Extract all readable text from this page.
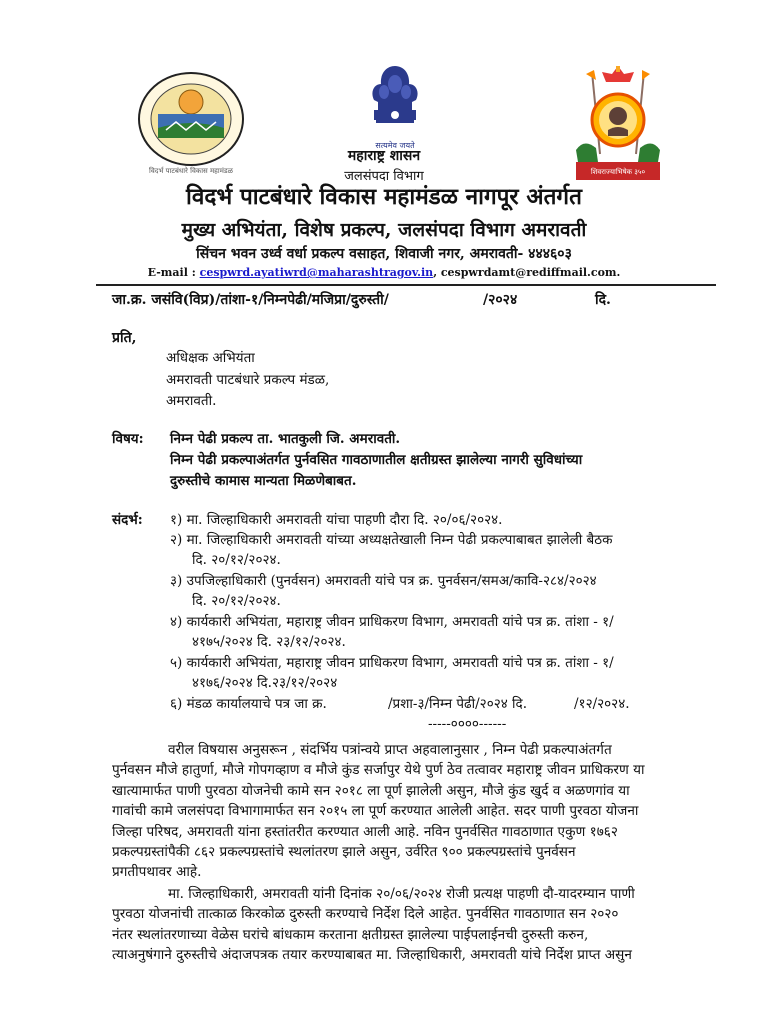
विदर्भ पाटबंधारे विकास महामंडळ
सत्यमेव जयते
शिवराज्याभिषेक ३५०
महाराष्ट्र शासन
जलसंपदा विभाग
विदर्भ पाटबंधारे विकास महामंडळ नागपूर अंतर्गत
मुख्य अभियंता, विशेष प्रकल्प, जलसंपदा विभाग अमरावती
सिंचन भवन उर्ध्व वर्धा प्रकल्प वसाहत, शिवाजी नगर, अमरावती- ४४४६०३
E-mail : cespwrd.ayatiwrd@maharashtragov.in, cespwrdamt@rediffmail.com.
जा.क्र. जसंवि(विप्र)/तांशा-१/निम्नपेढी/मजिप्रा/दुरुस्ती/	/२०२४	दि.
प्रति,
अधिक्षक अभियंता
अमरावती पाटबंधारे प्रकल्प मंडळ,
अमरावती.
विषय: निम्न पेढी प्रकल्प ता. भातकुली जि. अमरावती.
निम्न पेढी प्रकल्पाअंतर्गत पुर्नवसित गावठाणातील क्षतीग्रस्त झालेल्या नागरी सुविधांच्या
दुरुस्तीचे कामास मान्यता मिळणेबाबत.
संदर्भ: १) मा. जिल्हाधिकारी अमरावती यांचा पाहणी दौरा दि. २०/०६/२०२४.
२) मा. जिल्हाधिकारी अमरावती यांच्या अध्यक्षतेखाली निम्न पेढी प्रकल्पाबाबत झालेली बैठक
दि. २०/१२/२०२४.
३) उपजिल्हाधिकारी (पुनर्वसन) अमरावती यांचे पत्र क्र. पुनर्वसन/समअ/कावि-२८४/२०२४
दि. २०/१२/२०२४.
४) कार्यकारी अभियंता, महाराष्ट्र जीवन प्राधिकरण विभाग, अमरावती यांचे पत्र क्र. तांशा - १/
४१७५/२०२४ दि. २३/१२/२०२४.
५) कार्यकारी अभियंता, महाराष्ट्र जीवन प्राधिकरण विभाग, अमरावती यांचे पत्र क्र. तांशा - १/
४१७६/२०२४ दि.२३/१२/२०२४
६) मंडळ कार्यालयाचे पत्र जा क्र.	/प्रशा-३/निम्न पेढी/२०२४ दि.	/१२/२०२४.
-----००००------
वरील विषयास अनुसरून , संदर्भिय पत्रांन्वये प्राप्त अहवालानुसार , निम्न पेढी प्रकल्पाअंतर्गत
पुर्नवसन मौजे हातुर्णा, मौजे गोपगव्हाण व मौजे कुंड सर्जापुर येथे पुर्ण ठेव तत्वावर महाराष्ट्र जीवन प्राधिकरण या
खात्यामार्फत पाणी पुरवठा योजनेची कामे सन २०१८ ला पूर्ण झालेली असुन, मौजे कुंड खुर्द व अळणगांव या
गावांची कामे जलसंपदा विभागामार्फत सन २०१५ ला पूर्ण करण्यात आलेली आहेत. सदर पाणी पुरवठा योजना
जिल्हा परिषद, अमरावती यांना हस्तांतरीत करण्यात आली आहे. नविन पुनर्वसित गावठाणात एकुण १७६२
प्रकल्पग्रस्तांपैकी ८६२ प्रकल्पग्रस्तांचे स्थलांतरण झाले असुन, उर्वरित ९०० प्रकल्पग्रस्तांचे पुनर्वसन
प्रगतीपथावर आहे.
मा. जिल्हाधिकारी, अमरावती यांनी दिनांक २०/०६/२०२४ रोजी प्रत्यक्ष पाहणी दौ-यादरम्यान पाणी
पुरवठा योजनांची तात्काळ किरकोळ दुरुस्ती करण्याचे निर्देश दिले आहेत. पुनर्वसित गावठाणात सन २०२०
नंतर स्थलांतरणाच्या वेळेस घरांचे बांधकाम करताना क्षतीग्रस्त झालेल्या पाईपलाईनची दुरुस्ती करुन,
त्याअनुषंगाने दुरुस्तीचे अंदाजपत्रक तयार करण्याबाबत मा. जिल्हाधिकारी, अमरावती यांचे निर्देश प्राप्त असुन
